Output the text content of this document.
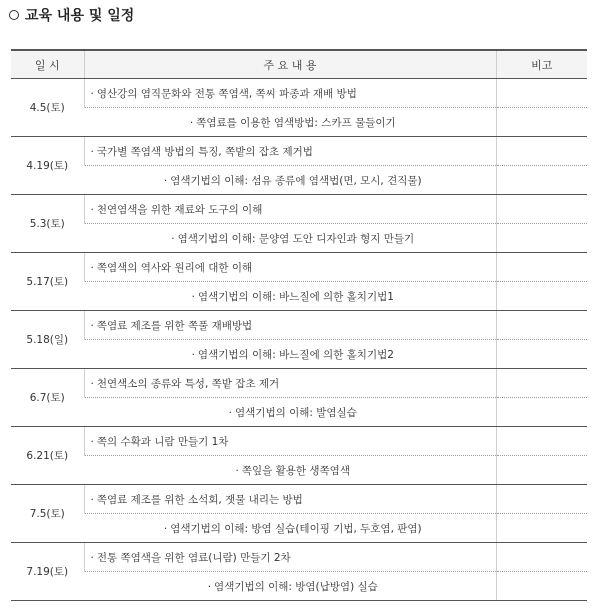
교육 내용 및 일정
일 시	주 요 내 용	비고
4.5(토)	· 영산강의 염직문화와 전통 쪽염색, 쪽씨 파종과 재배 방법	
	· 쪽염료를 이용한 염색방법: 스카프 물들이기	
4.19(토)	· 국가별 쪽염색 방법의 특징, 쪽밭의 잡초 제거법	
	· 염색기법의 이해: 섬유 종류에 염색법(면, 모시, 견직물)	
5.3(토)	· 천연염색을 위한 재료와 도구의 이해	
	· 염색기법의 이해: 문양염 도안 디자인과 형지 만들기	
5.17(토)	· 쪽염색의 역사와 원리에 대한 이해	
	· 염색기법의 이해: 바느질에 의한 홀치기법1	
5.18(일)	· 쪽염료 제조를 위한 쪽풀 재배방법	
	· 염색기법의 이해: 바느질에 의한 홀치기법2	
6.7(토)	· 천연색소의 종류와 특성, 쪽밭 잡초 제거	
	· 염색기법의 이해: 발염실습	
6.21(토)	· 쪽의 수확과 니람 만들기 1차	
	· 쪽잎을 활용한 생쪽염색	
7.5(토)	· 쪽염료 제조를 위한 소석회, 잿물 내리는 방법	
	· 염색기법의 이해: 방염 실습(테이핑 기법, 두호염, 판염)	
7.19(토)	· 전통 쪽염색을 위한 염료(니람) 만들기 2차	
	· 염색기법의 이해: 방염(납방염) 실습	
